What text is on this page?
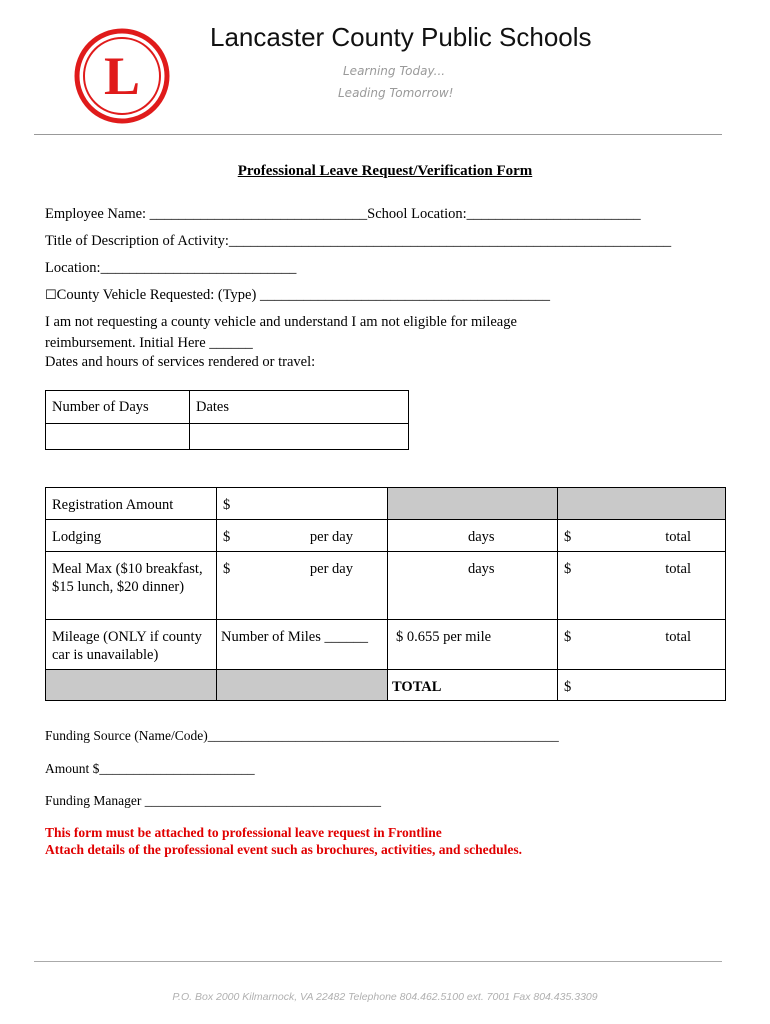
L
Lancaster County Public Schools
Learning Today...
Leading Tomorrow!
Professional Leave Request/Verification Form
Employee Name: ______________________________School Location:________________________
Title of Description of Activity:_____________________________________________________________
Location:___________________________
☐County Vehicle Requested: (Type) ________________________________________
I am not requesting a county vehicle and understand I am not eligible for mileage reimbursement. Initial Here ______
Dates and hours of services rendered or travel:
Number of Days	Dates

Registration Amount	$		
Lodging	$ per day	days	$ total

Meal Max ($10 breakfast, $15 lunch, $20 dinner)	$ per day	days	$ total

Mileage (ONLY if county car is unavailable)	Number of Miles ______	$ 0.655 per mile	$ total

		TOTAL	$
Funding Source (Name/Code)____________________________________________________
Amount $_______________________
Funding Manager ___________________________________
This form must be attached to professional leave request in Frontline
Attach details of the professional event such as brochures, activities, and schedules.
P.O. Box 2000 Kilmarnock, VA 22482 Telephone 804.462.5100 ext. 7001 Fax 804.435.3309
